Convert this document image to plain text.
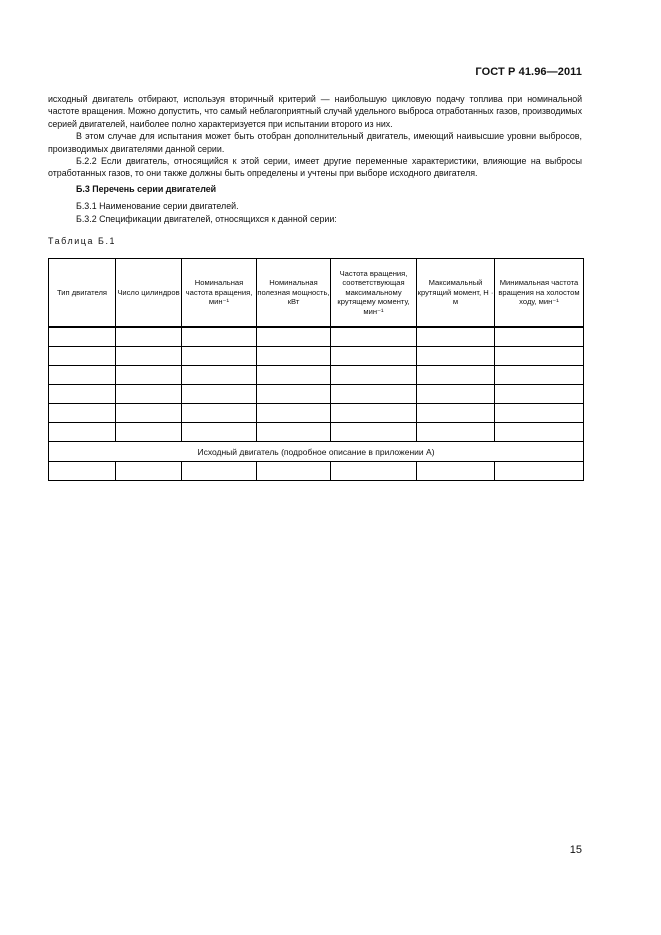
ГОСТ Р 41.96—2011

исходный двигатель отбирают, используя вторичный критерий — наибольшую цикловую подачу топлива при номинальной частоте вращения. Можно допустить, что самый неблагоприятный случай удельного выброса отработанных газов, производимых серией двигателей, наиболее полно характеризуется при испытании второго из них.

В этом случае для испытания может быть отобран дополнительный двигатель, имеющий наивысшие уровни выбросов, производимых двигателями данной серии.

Б.2.2 Если двигатель, относящийся к этой серии, имеет другие переменные характеристики, влияющие на выбросы отработанных газов, то они также должны быть определены и учтены при выборе исходного двигателя.

Б.3 Перечень серии двигателей
Б.3.1 Наименование серии двигателей.
Б.3.2 Спецификации двигателей, относящихся к данной серии:
Таблица Б.1
Тип двигателя	Число цилиндров	Номинальная частота вращения, мин⁻¹	Номинальная полезная мощность, кВт	Частота вращения, соответствующая максимальному крутящему моменту, мин⁻¹	Максимальный крутящий момент, Н · м	Минимальная частота вращения на холостом ходу, мин⁻¹

Исходный двигатель (подробное описание в приложении А)						

15
